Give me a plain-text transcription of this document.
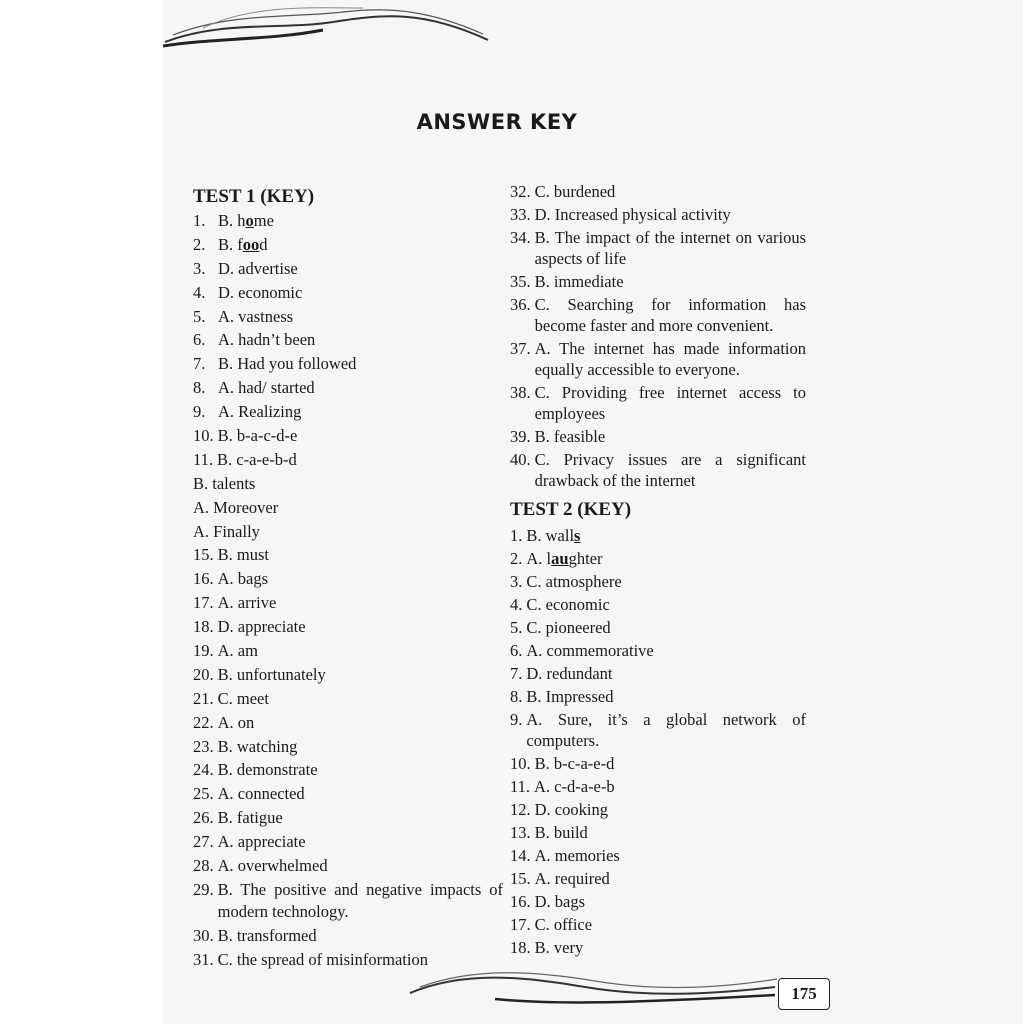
ANSWER KEY
TEST 1 (KEY)
1. B. home
2. B. food
3. D. advertise
4. D. economic
5. A. vastness
6. A. hadn’t been
7. B. Had you followed
8. A. had/ started
9. A. Realizing
10. B. b-a-c-d-e
11. B. c-a-e-b-d
B. talents
A. Moreover
A. Finally
15. B. must
16. A. bags
17. A. arrive
18. D. appreciate
19. A. am
20. B. unfortunately
21. C. meet
22. A. on
23. B. watching
24. B. demonstrate
25. A. connected
26. B. fatigue
27. A. appreciate
28. A. overwhelmed
29. B. The positive and negative impacts of modern technology.
30. B. transformed
31. C. the spread of misinformation
32. C. burdened
33. D. Increased physical activity
34. B. The impact of the internet on various aspects of life
35. B. immediate
36. C. Searching for information has become faster and more convenient.
37. A. The internet has made information equally accessible to everyone.
38. C. Providing free internet access to employees
39. B. feasible
40. C. Privacy issues are a significant drawback of the internet
TEST 2 (KEY)
1. B. walls
2. A. laughter
3. C. atmosphere
4. C. economic
5. C. pioneered
6. A. commemorative
7. D. redundant
8. B. Impressed
9. A. Sure, it’s a global network of computers.
10. B. b-c-a-e-d
11. A. c-d-a-e-b
12. D. cooking
13. B. build
14. A. memories
15. A. required
16. D. bags
17. C. office
18. B. very
175
